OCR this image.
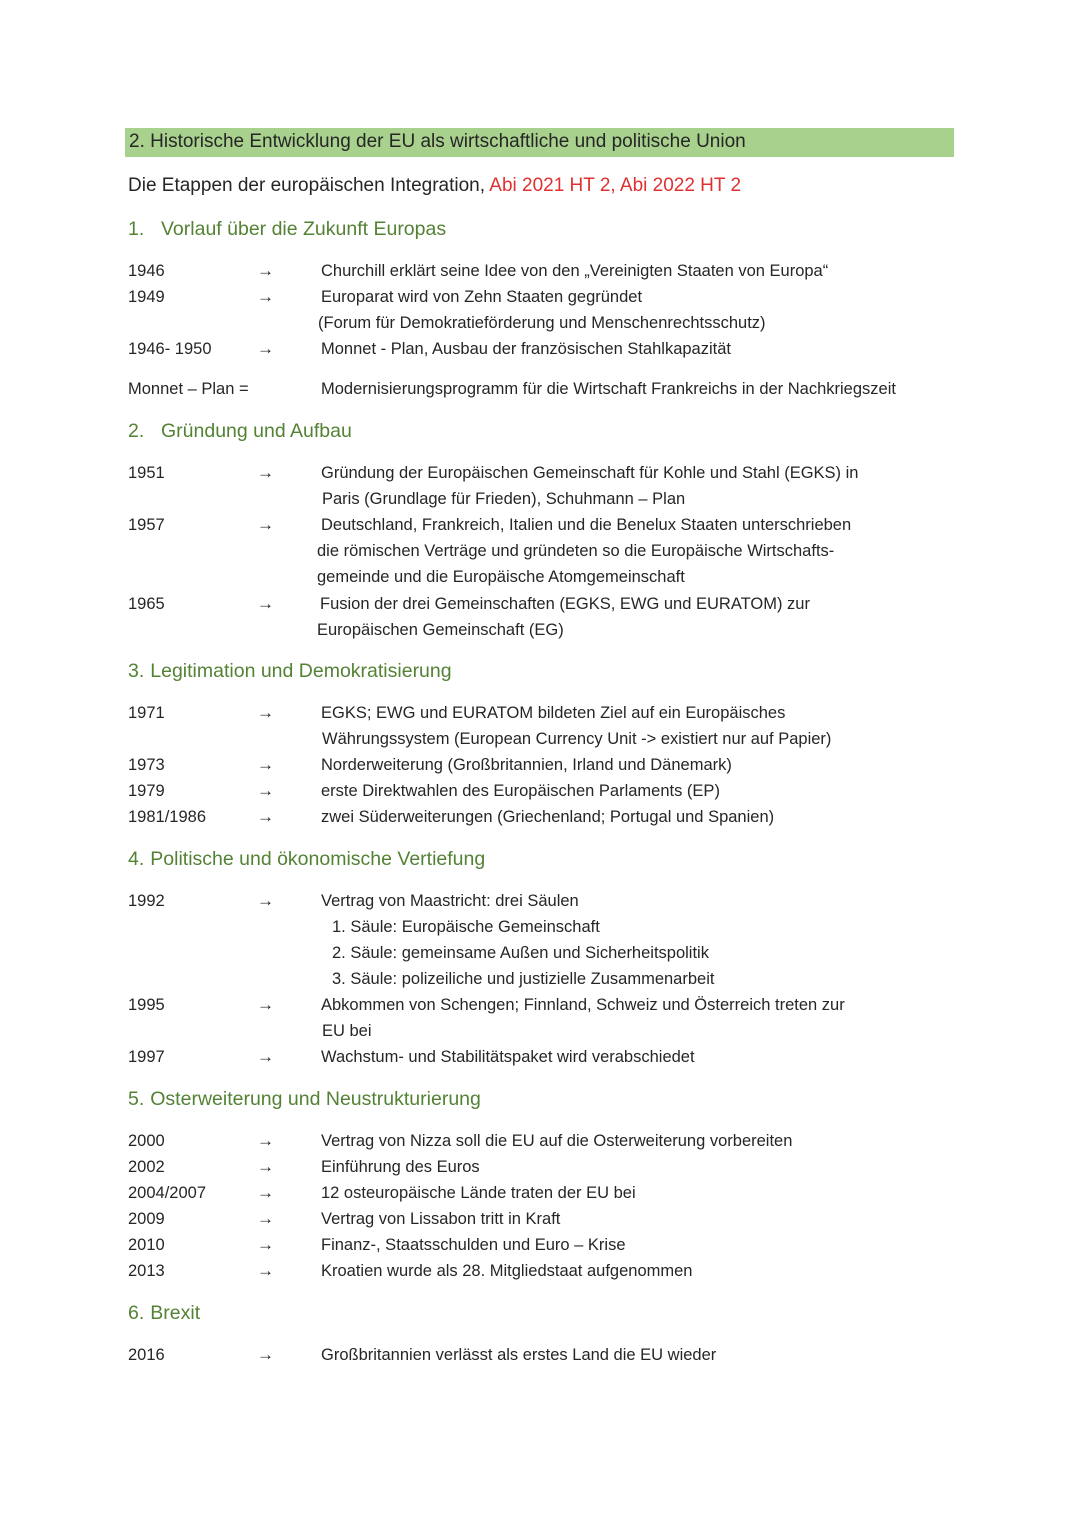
2. Historische Entwicklung der EU als wirtschaftliche und politische Union
Die Etappen der europäischen Integration, Abi 2021 HT 2, Abi 2022 HT 2
1. Vorlauf über die Zukunft Europas
1946	→	Churchill erklärt seine Idee von den „Vereinigten Staaten von Europa“
1949	→	Europarat wird von Zehn Staaten gegründet
(Forum für Demokratieförderung und Menschenrechtsschutz)
1946- 1950	→	Monnet - Plan, Ausbau der französischen Stahlkapazität
Monnet – Plan =	Modernisierungsprogramm für die Wirtschaft Frankreichs in der Nachkriegszeit
2. Gründung und Aufbau
1951	→	Gründung der Europäischen Gemeinschaft für Kohle und Stahl (EGKS) in
Paris (Grundlage für Frieden), Schuhmann – Plan
1957	→	Deutschland, Frankreich, Italien und die Benelux Staaten unterschrieben
die römischen Verträge und gründeten so die Europäische Wirtschafts-
gemeinde und die Europäische Atomgemeinschaft
1965	→	Fusion der drei Gemeinschaften (EGKS, EWG und EURATOM) zur
Europäischen Gemeinschaft (EG)
3. Legitimation und Demokratisierung
1971	→	EGKS; EWG und EURATOM bildeten Ziel auf ein Europäisches
Währungssystem (European Currency Unit -> existiert nur auf Papier)
1973	→	Norderweiterung (Großbritannien, Irland und Dänemark)
1979	→	erste Direktwahlen des Europäischen Parlaments (EP)
1981/1986	→	zwei Süderweiterungen (Griechenland; Portugal und Spanien)
4. Politische und ökonomische Vertiefung
1992	→	Vertrag von Maastricht: drei Säulen
1. Säule: Europäische Gemeinschaft
2. Säule: gemeinsame Außen und Sicherheitspolitik
3. Säule: polizeiliche und justizielle Zusammenarbeit
1995	→	Abkommen von Schengen; Finnland, Schweiz und Österreich treten zur
EU bei
1997	→	Wachstum- und Stabilitätspaket wird verabschiedet
5. Osterweiterung und Neustrukturierung
2000	→	Vertrag von Nizza soll die EU auf die Osterweiterung vorbereiten
2002	→	Einführung des Euros
2004/2007	→	12 osteuropäische Lände traten der EU bei
2009	→	Vertrag von Lissabon tritt in Kraft
2010	→	Finanz-, Staatsschulden und Euro – Krise
2013	→	Kroatien wurde als 28. Mitgliedstaat aufgenommen
6. Brexit
2016	→	Großbritannien verlässt als erstes Land die EU wieder
